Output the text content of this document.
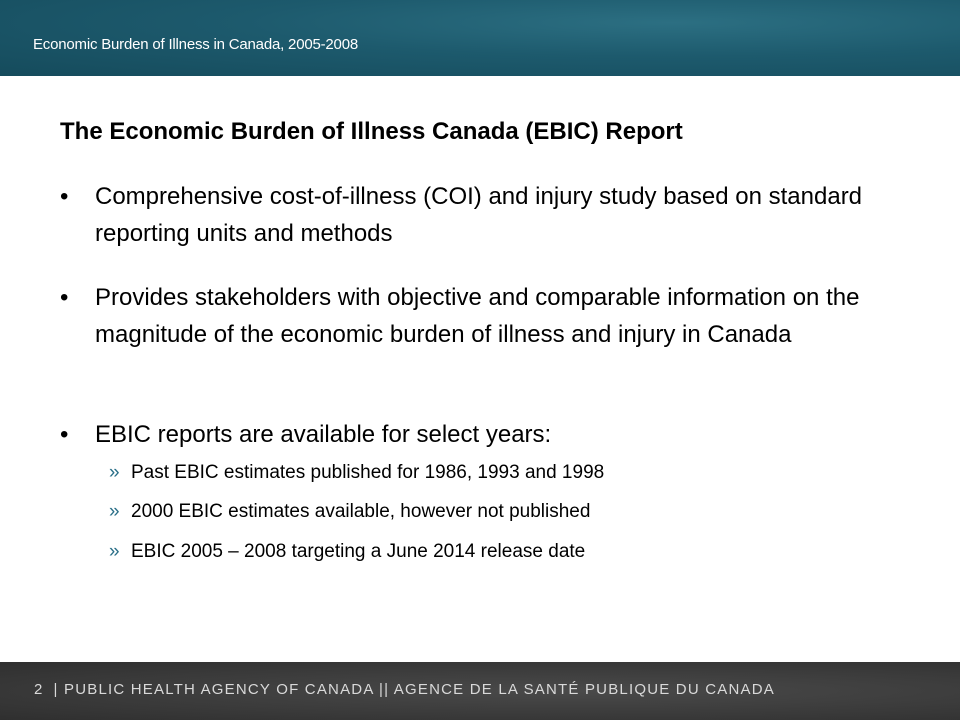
Economic Burden of Illness in Canada, 2005-2008
The Economic Burden of Illness Canada (EBIC) Report
•	Comprehensive cost-of-illness (COI) and injury study based on standard reporting units and methods
•	Provides stakeholders with objective and comparable information on the magnitude of the economic burden of illness and injury in Canada
•	EBIC reports are available for select years:
» Past EBIC estimates published for 1986, 1993 and 1998
» 2000 EBIC estimates available, however not published
» EBIC 2005 – 2008 targeting a June 2014 release date
2 | PUBLIC HEALTH AGENCY OF CANADA || AGENCE DE LA SANTÉ PUBLIQUE DU CANADA
